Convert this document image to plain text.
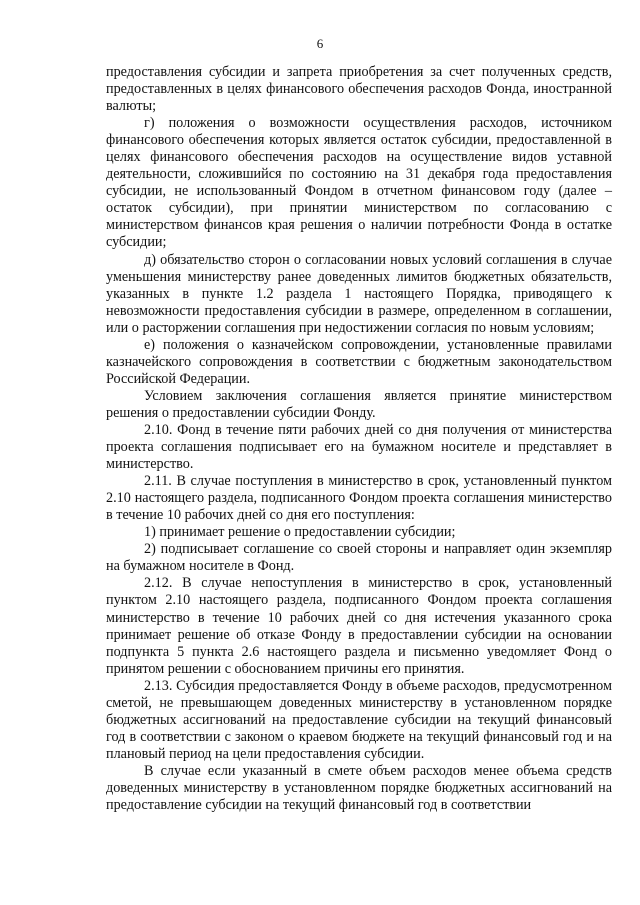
6

предоставления субсидии и запрета приобретения за счет полученных средств, предоставленных в целях финансового обеспечения расходов Фонда, иностранной валюты;

г) положения о возможности осуществления расходов, источником финансового обеспечения которых является остаток субсидии, предоставленной в целях финансового обеспечения расходов на осуществление видов уставной деятельности, сложившийся по состоянию на 31 декабря года предоставления субсидии, не использованный Фондом в отчетном финансовом году (далее – остаток субсидии), при принятии министерством по согласованию с министерством финансов края решения о наличии потребности Фонда в остатке субсидии;

д) обязательство сторон о согласовании новых условий соглашения в случае уменьшения министерству ранее доведенных лимитов бюджетных обязательств, указанных в пункте 1.2 раздела 1 настоящего Порядка, приводящего к невозможности предоставления субсидии в размере, определенном в соглашении, или о расторжении соглашения при недостижении согласия по новым условиям;

е) положения о казначейском сопровождении, установленные правилами казначейского сопровождения в соответствии с бюджетным законодательством Российской Федерации.

Условием заключения соглашения является принятие министерством решения о предоставлении субсидии Фонду.

2.10. Фонд в течение пяти рабочих дней со дня получения от министерства проекта соглашения подписывает его на бумажном носителе и представляет в министерство.

2.11. В случае поступления в министерство в срок, установленный пунктом 2.10 настоящего раздела, подписанного Фондом проекта соглашения министерство в течение 10 рабочих дней со дня его поступления:

1) принимает решение о предоставлении субсидии;

2) подписывает соглашение со своей стороны и направляет один экземпляр на бумажном носителе в Фонд.

2.12. В случае непоступления в министерство в срок, установленный пунктом 2.10 настоящего раздела, подписанного Фондом проекта соглашения министерство в течение 10 рабочих дней со дня истечения указанного срока принимает решение об отказе Фонду в предоставлении субсидии на основании подпункта 5 пункта 2.6 настоящего раздела и письменно уведомляет Фонд о принятом решении с обоснованием причины его принятия.

2.13. Субсидия предоставляется Фонду в объеме расходов, предусмотренном сметой, не превышающем доведенных министерству в установленном порядке бюджетных ассигнований на предоставление субсидии на текущий финансовый год в соответствии с законом о краевом бюджете на текущий финансовый год и на плановый период на цели предоставления субсидии.

В случае если указанный в смете объем расходов менее объема средств доведенных министерству в установленном порядке бюджетных ассигнований на предоставление субсидии на текущий финансовый год в соответствии
